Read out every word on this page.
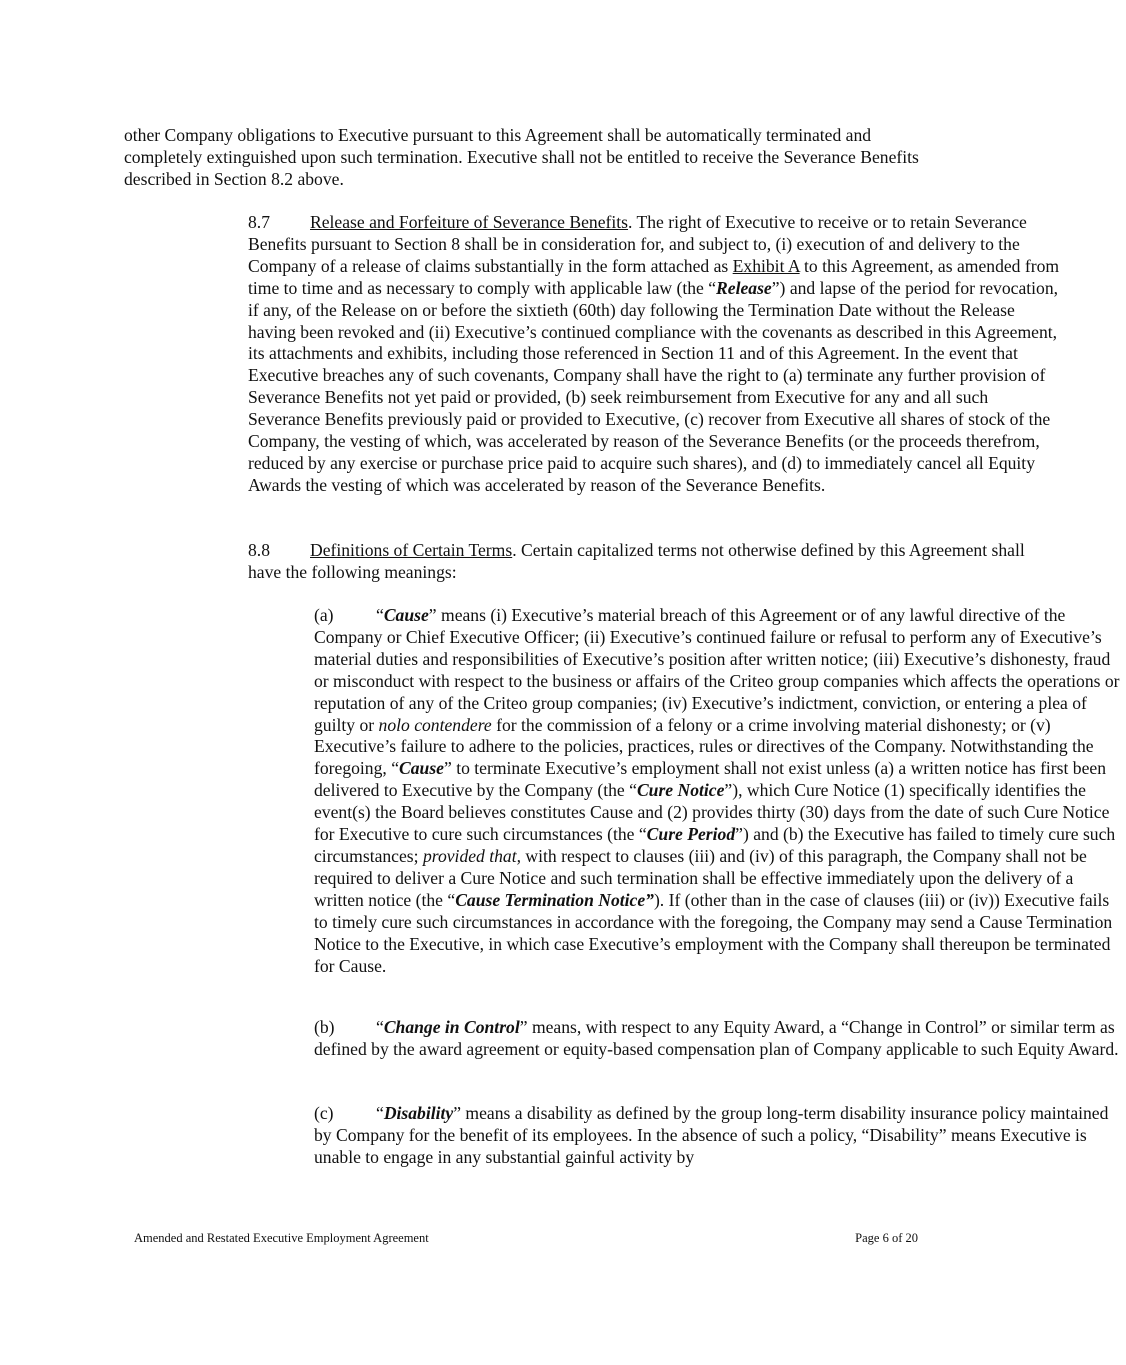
other Company obligations to Executive pursuant to this Agreement shall be automatically terminated and completely extinguished upon such termination. Executive shall not be entitled to receive the Severance Benefits described in Section 8.2 above.

8.7 Release and Forfeiture of Severance Benefits. The right of Executive to receive or to retain Severance Benefits pursuant to Section 8 shall be in consideration for, and subject to, (i) execution of and delivery to the Company of a release of claims substantially in the form attached as Exhibit A to this Agreement, as amended from time to time and as necessary to comply with applicable law (the “Release”) and lapse of the period for revocation, if any, of the Release on or before the sixtieth (60th) day following the Termination Date without the Release having been revoked and (ii) Executive’s continued compliance with the covenants as described in this Agreement, its attachments and exhibits, including those referenced in Section 11 and of this Agreement. In the event that Executive breaches any of such covenants, Company shall have the right to (a) terminate any further provision of Severance Benefits not yet paid or provided, (b) seek reimbursement from Executive for any and all such Severance Benefits previously paid or provided to Executive, (c) recover from Executive all shares of stock of the Company, the vesting of which, was accelerated by reason of the Severance Benefits (or the proceeds therefrom, reduced by any exercise or purchase price paid to acquire such shares), and (d) to immediately cancel all Equity Awards the vesting of which was accelerated by reason of the Severance Benefits.

8.8 Definitions of Certain Terms. Certain capitalized terms not otherwise defined by this Agreement shall have the following meanings:

(a) “Cause” means (i) Executive’s material breach of this Agreement or of any lawful directive of the Company or Chief Executive Officer; (ii) Executive’s continued failure or refusal to perform any of Executive’s material duties and responsibilities of Executive’s position after written notice; (iii) Executive’s dishonesty, fraud or misconduct with respect to the business or affairs of the Criteo group companies which affects the operations or reputation of any of the Criteo group companies; (iv) Executive’s indictment, conviction, or entering a plea of guilty or nolo contendere for the commission of a felony or a crime involving material dishonesty; or (v) Executive’s failure to adhere to the policies, practices, rules or directives of the Company. Notwithstanding the foregoing, “Cause” to terminate Executive’s employment shall not exist unless (a) a written notice has first been delivered to Executive by the Company (the “Cure Notice”), which Cure Notice (1) specifically identifies the event(s) the Board believes constitutes Cause and (2) provides thirty (30) days from the date of such Cure Notice for Executive to cure such circumstances (the “Cure Period”) and (b) the Executive has failed to timely cure such circumstances; provided that, with respect to clauses (iii) and (iv) of this paragraph, the Company shall not be required to deliver a Cure Notice and such termination shall be effective immediately upon the delivery of a written notice (the “Cause Termination Notice”). If (other than in the case of clauses (iii) or (iv)) Executive fails to timely cure such circumstances in accordance with the foregoing, the Company may send a Cause Termination Notice to the Executive, in which case Executive’s employment with the Company shall thereupon be terminated for Cause.

(b) “Change in Control” means, with respect to any Equity Award, a “Change in Control” or similar term as defined by the award agreement or equity-based compensation plan of Company applicable to such Equity Award.

(c) “Disability” means a disability as defined by the group long-term disability insurance policy maintained by Company for the benefit of its employees. In the absence of such a policy, “Disability” means Executive is unable to engage in any substantial gainful activity by

Amended and Restated Executive Employment Agreement	Page 6 of 20
